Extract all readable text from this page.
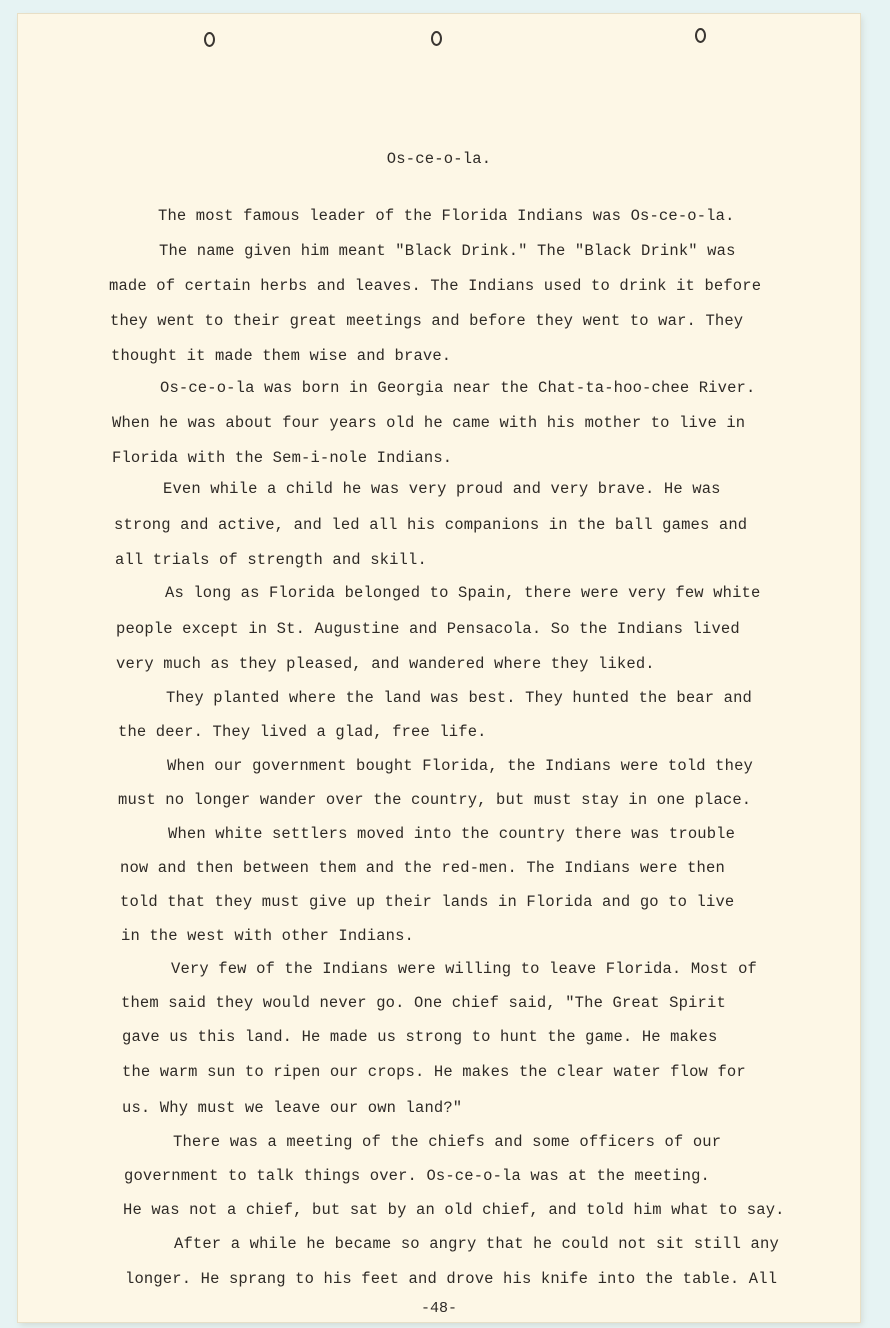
Os-ce-o-la.

The most famous leader of the Florida Indians was Os-ce-o-la.

The name given him meant "Black Drink." The "Black Drink" was

made of certain herbs and leaves. The Indians used to drink it before

they went to their great meetings and before they went to war. They

thought it made them wise and brave.

Os-ce-o-la was born in Georgia near the Chat-ta-hoo-chee River.

When he was about four years old he came with his mother to live in

Florida with the Sem-i-nole Indians.

Even while a child he was very proud and very brave. He was

strong and active, and led all his companions in the ball games and

all trials of strength and skill.

As long as Florida belonged to Spain, there were very few white

people except in St. Augustine and Pensacola. So the Indians lived

very much as they pleased, and wandered where they liked.

They planted where the land was best. They hunted the bear and

the deer. They lived a glad, free life.

When our government bought Florida, the Indians were told they

must no longer wander over the country, but must stay in one place.

When white settlers moved into the country there was trouble

now and then between them and the red-men. The Indians were then

told that they must give up their lands in Florida and go to live

in the west with other Indians.

Very few of the Indians were willing to leave Florida. Most of

them said they would never go. One chief said, "The Great Spirit

gave us this land. He made us strong to hunt the game. He makes

the warm sun to ripen our crops. He makes the clear water flow for

us. Why must we leave our own land?"

There was a meeting of the chiefs and some officers of our

government to talk things over. Os-ce-o-la was at the meeting.

He was not a chief, but sat by an old chief, and told him what to say.

After a while he became so angry that he could not sit still any

longer. He sprang to his feet and drove his knife into the table. All

-48-
